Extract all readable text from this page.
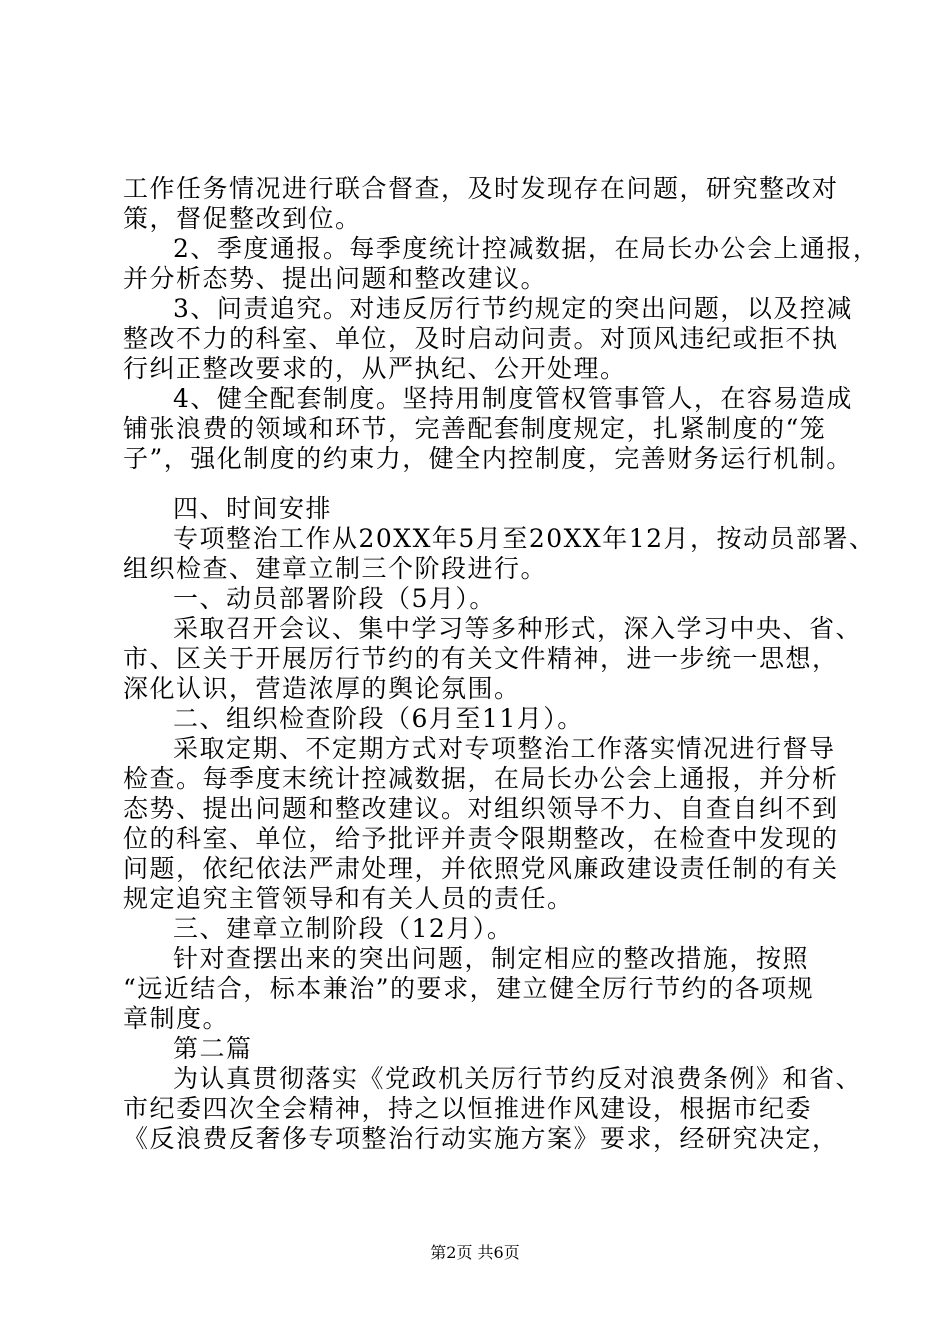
工作任务情况进行联合督查，及时发现存在问题，研究整改对
策，督促整改到位。
2、季度通报。每季度统计控减数据，在局长办公会上通报，
并分析态势、提出问题和整改建议。
3、问责追究。对违反厉行节约规定的突出问题，以及控减
整改不力的科室、单位，及时启动问责。对顶风违纪或拒不执
行纠正整改要求的，从严执纪、公开处理。
4、健全配套制度。坚持用制度管权管事管人，在容易造成
铺张浪费的领域和环节，完善配套制度规定，扎紧制度的“笼
子”，强化制度的约束力，健全内控制度，完善财务运行机制。
四、时间安排
专项整治工作从20XX年5月至20XX年12月，按动员部署、
组织检查、建章立制三个阶段进行。
一、动员部署阶段（5月）。
采取召开会议、集中学习等多种形式，深入学习中央、省、
市、区关于开展厉行节约的有关文件精神，进一步统一思想，
深化认识，营造浓厚的舆论氛围。
二、组织检查阶段（6月至11月）。
采取定期、不定期方式对专项整治工作落实情况进行督导
检查。每季度末统计控减数据，在局长办公会上通报，并分析
态势、提出问题和整改建议。对组织领导不力、自查自纠不到
位的科室、单位，给予批评并责令限期整改，在检查中发现的
问题，依纪依法严肃处理，并依照党风廉政建设责任制的有关
规定追究主管领导和有关人员的责任。
三、建章立制阶段（12月）。
针对查摆出来的突出问题，制定相应的整改措施，按照
“远近结合，标本兼治”的要求，建立健全厉行节约的各项规
章制度。
第二篇
为认真贯彻落实《党政机关厉行节约反对浪费条例》和省、
市纪委四次全会精神，持之以恒推进作风建设，根据市纪委
《反浪费反奢侈专项整治行动实施方案》要求，经研究决定，
第2页 共6页
